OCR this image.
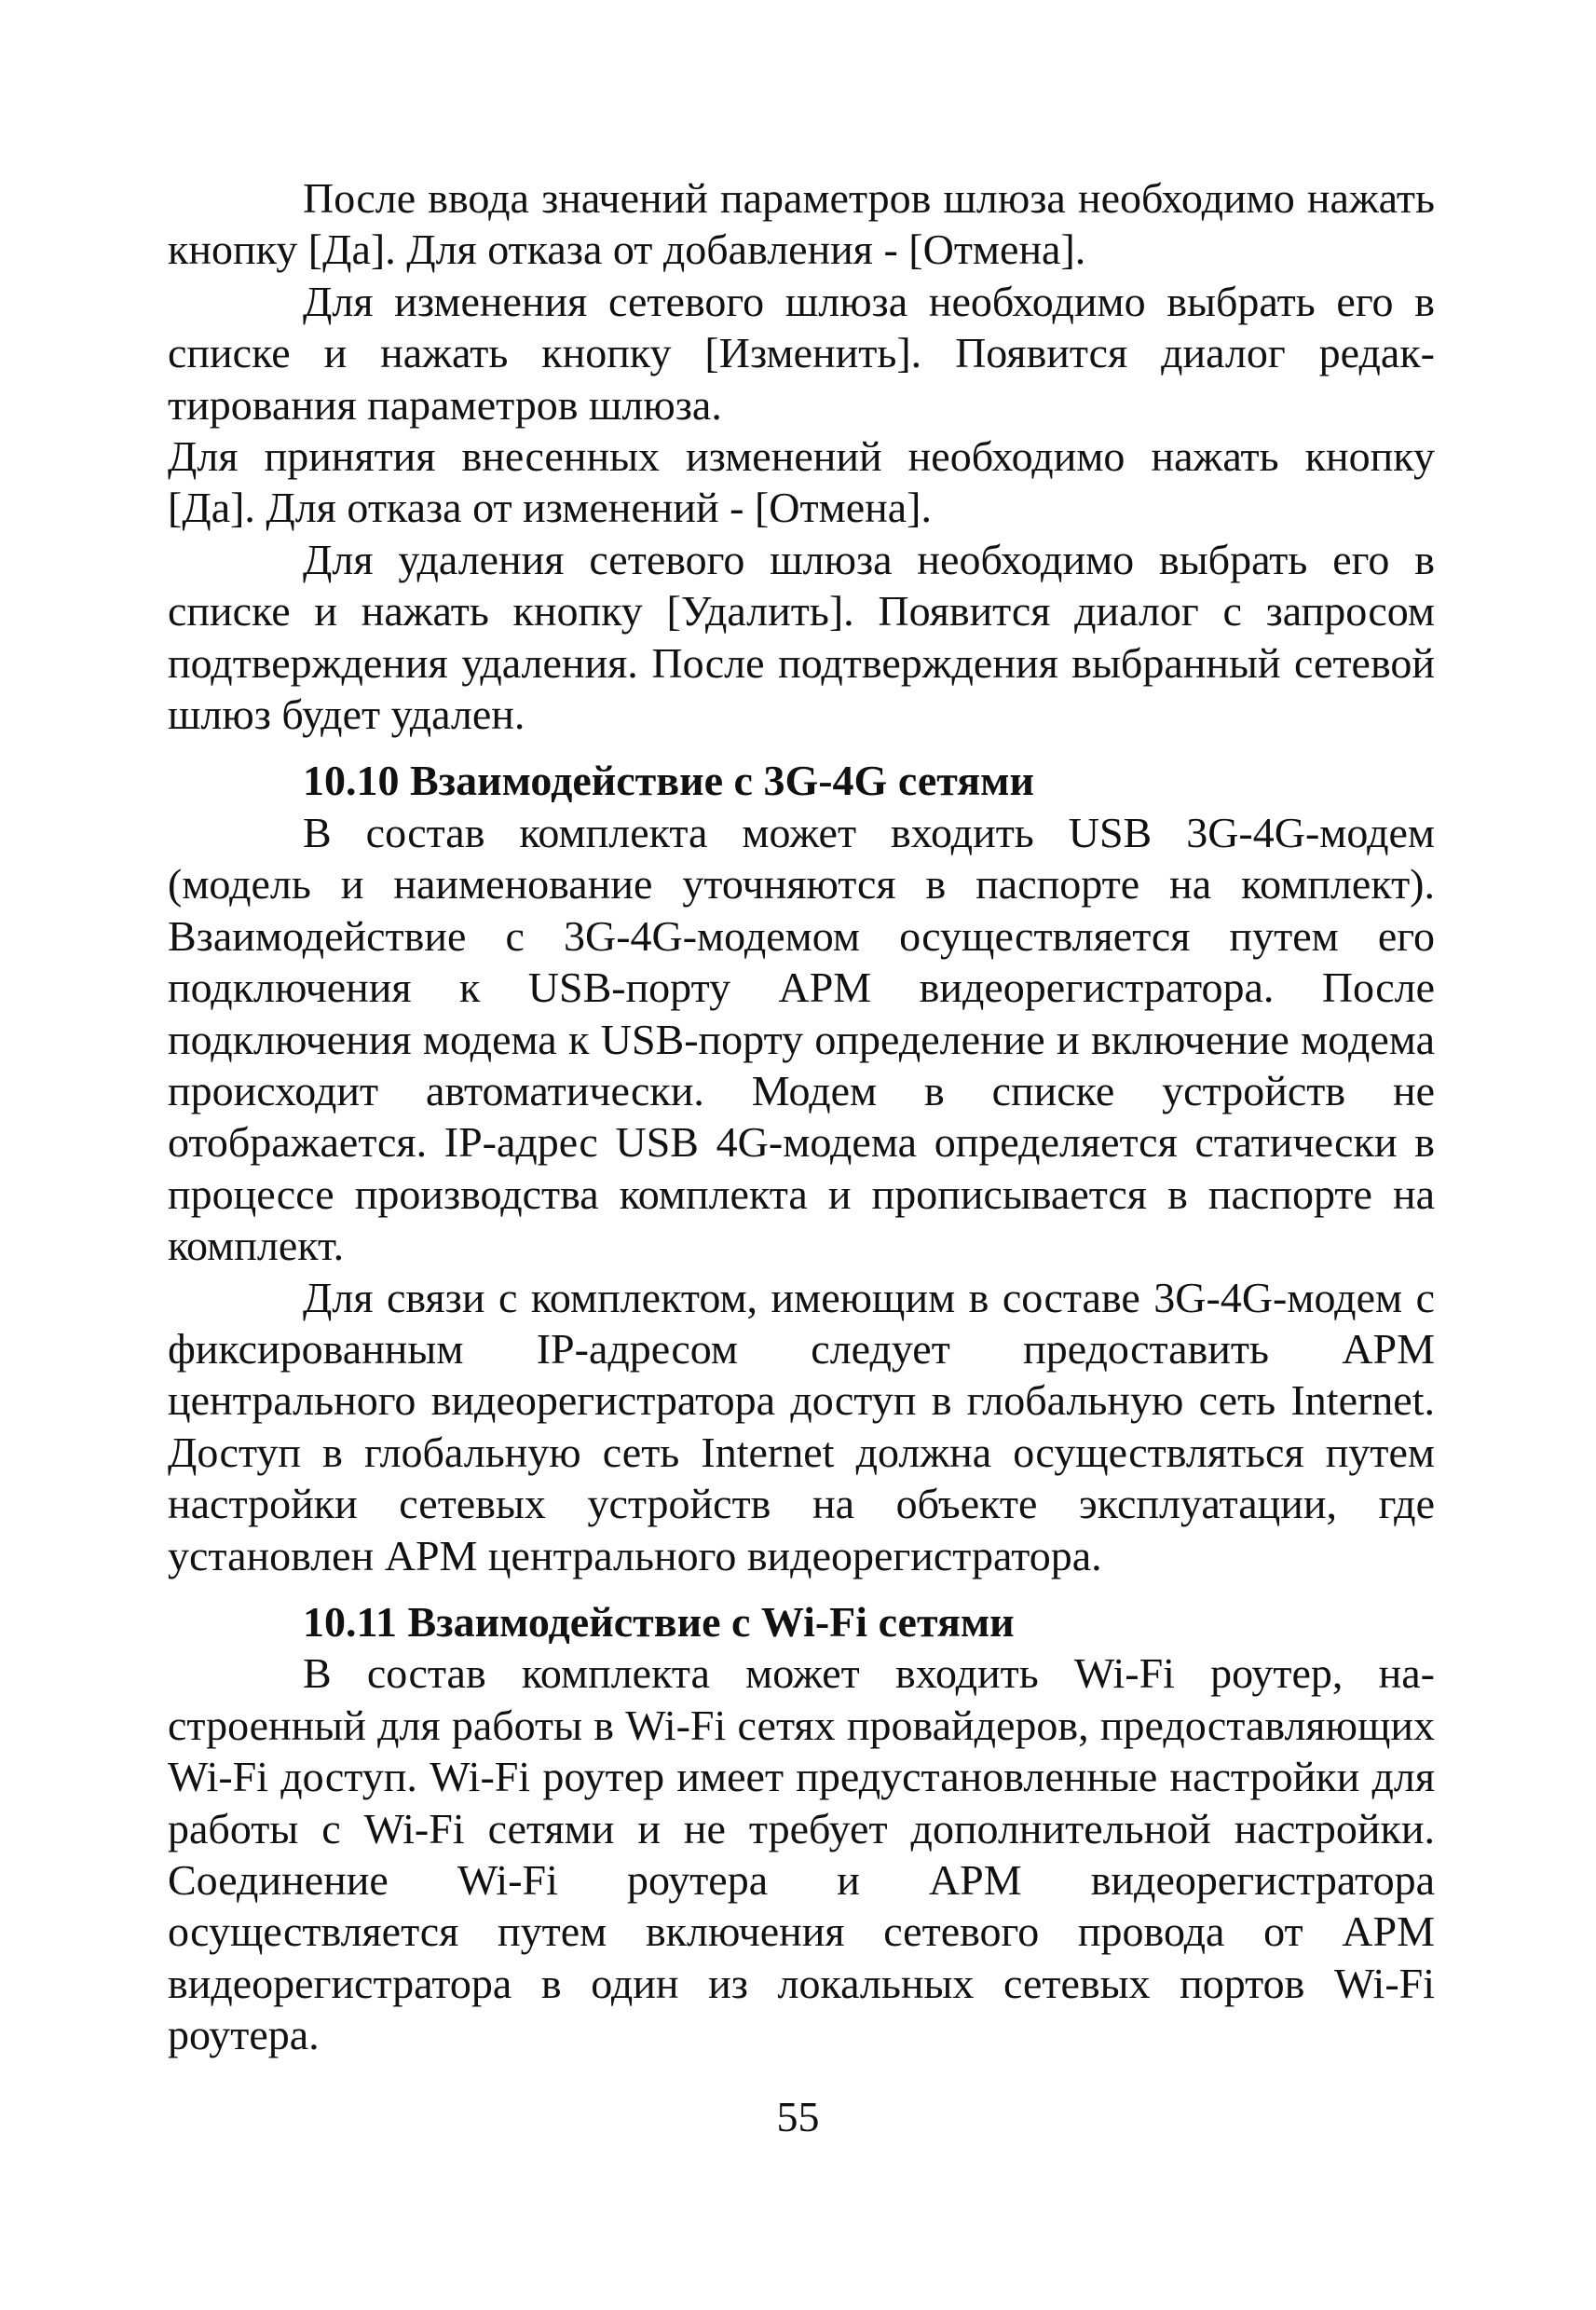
После ввода значений параметров шлюза необходимо нажать кнопку [Да]. Для отказа от добавления - [Отмена].

Для изменения сетевого шлюза необходимо выбрать его в списке и нажать кнопку [Изменить]. Появится диалог редактирования параметров шлюза.

Для принятия внесенных изменений необходимо нажать кнопку [Да]. Для отказа от изменений - [Отмена].

Для удаления сетевого шлюза необходимо выбрать его в списке и нажать кнопку [Удалить]. Появится диалог с запросом подтверждения удаления. После подтверждения выбранный сетевой шлюз будет удален.

10.10 Взаимодействие с 3G-4G сетями

В состав комплекта может входить USB 3G-4G-модем (модель и наименование уточняются в паспорте на комплект). Взаимодействие с 3G-4G-модемом осуществляется путем его подключения к USB-порту АРМ видеорегистратора. После подключения модема к USB-порту определение и включение модема происходит автоматически. Модем в списке устройств не отображается. IP-адрес USB 4G-модема определяется статически в процессе производства комплекта и прописывается в паспорте на комплект.

Для связи с комплектом, имеющим в составе 3G-4G-модем с фиксированным IP-адресом следует предоставить АРМ центрального видеорегистратора доступ в глобальную сеть Internet. Доступ в глобальную сеть Internet должна осуществляться путем настройки сетевых устройств на объекте эксплуатации, где установлен АРМ центрального видеорегистратора.

10.11 Взаимодействие с Wi-Fi сетями

В состав комплекта может входить Wi-Fi роутер, настроенный для работы в Wi-Fi сетях провайдеров, предоставляющих Wi-Fi доступ. Wi-Fi роутер имеет предустановленные настройки для работы с Wi-Fi сетями и не требует дополнительной настройки. Соединение Wi-Fi роутера и АРМ видеорегистратора осуществляется путем включения сетевого провода от АРМ видеорегистратора в один из локальных сетевых портов Wi-Fi роутера.

55
